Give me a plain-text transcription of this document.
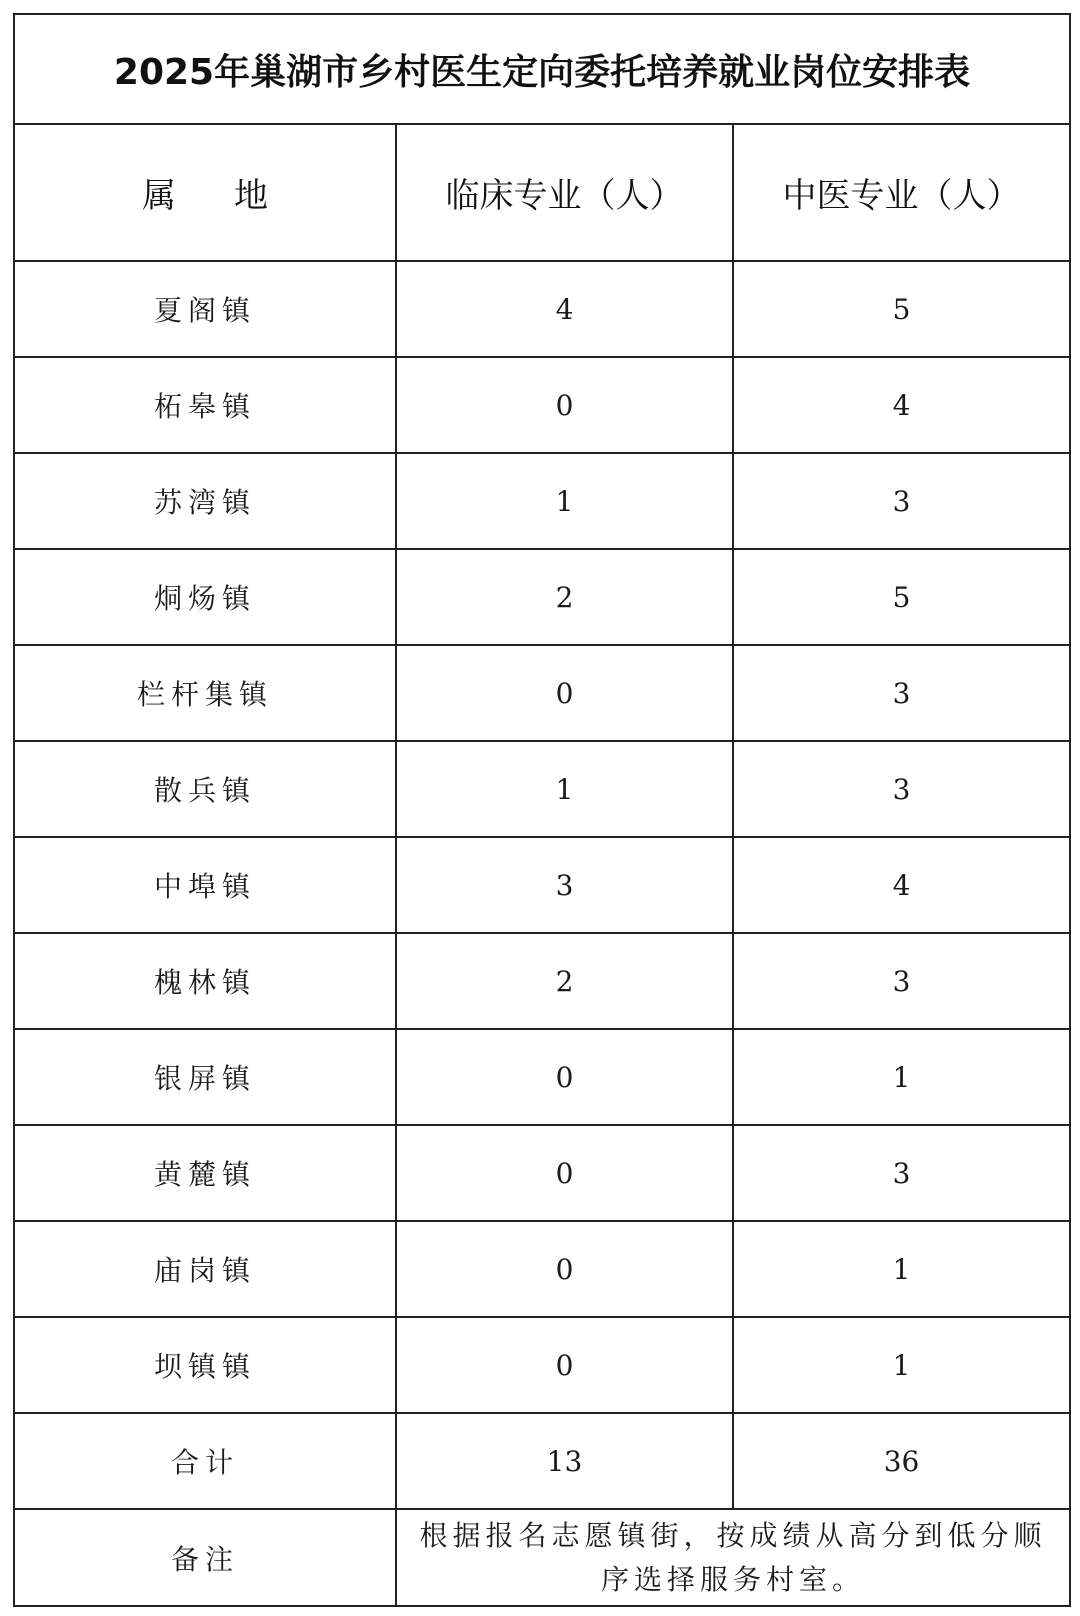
2025年巢湖市乡村医生定向委托培养就业岗位安排表		
属地	临床专业（人）	中医专业（人）
夏阁镇	4	5
柘皋镇	0	4
苏湾镇	1	3
烔炀镇	2	5
栏杆集镇	0	3
散兵镇	1	3
中埠镇	3	4
槐林镇	2	3
银屏镇	0	1
黄麓镇	0	3
庙岗镇	0	1
坝镇镇	0	1
合计	13	36
备注	根据报名志愿镇街，按成绩从高分到低分顺序选择服务村室。	
